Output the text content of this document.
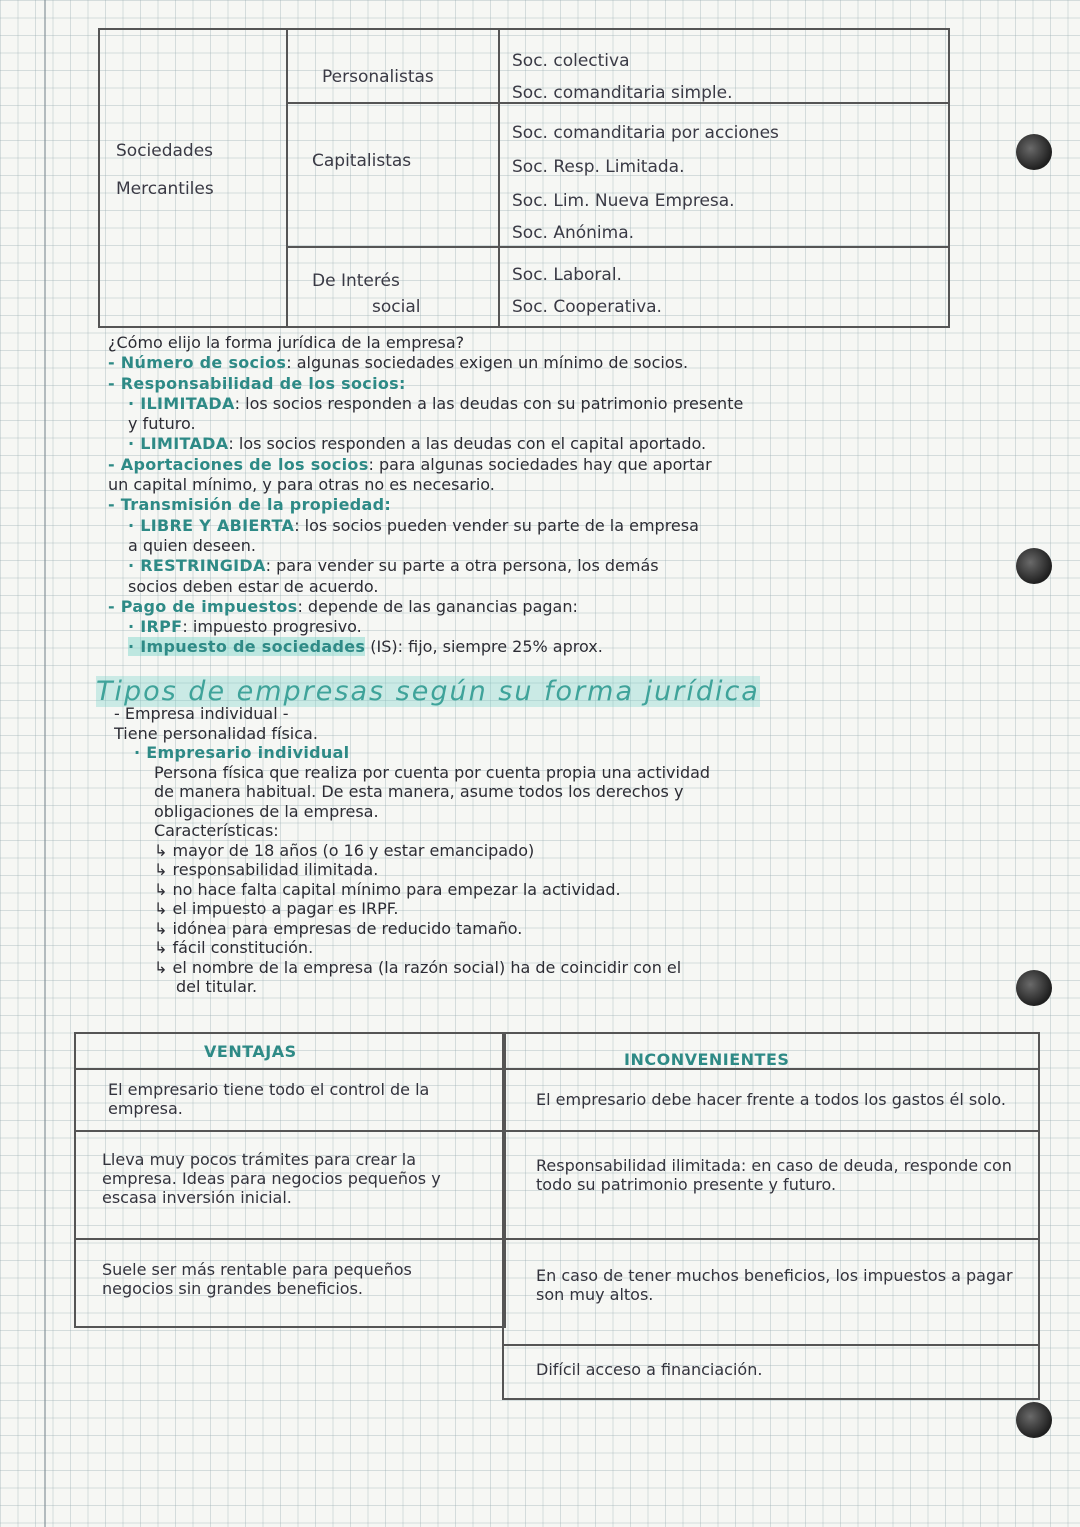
Sociedades
Mercantiles
Personalistas
Soc. colectiva
Soc. comanditaria simple.
Capitalistas
Soc. comanditaria por acciones
Soc. Resp. Limitada.
Soc. Lim. Nueva Empresa.
Soc. Anónima.
De Interés
social
Soc. Laboral.
Soc. Cooperativa.
¿Cómo elijo la forma jurídica de la empresa?
- Número de socios: algunas sociedades exigen un mínimo de socios.
- Responsabilidad de los socios:
· ILIMITADA: los socios responden a las deudas con su patrimonio presente
y futuro.
· LIMITADA: los socios responden a las deudas con el capital aportado.
- Aportaciones de los socios: para algunas sociedades hay que aportar
un capital mínimo, y para otras no es necesario.
- Transmisión de la propiedad:
· LIBRE Y ABIERTA: los socios pueden vender su parte de la empresa
a quien deseen.
· RESTRINGIDA: para vender su parte a otra persona, los demás
socios deben estar de acuerdo.
- Pago de impuestos: depende de las ganancias pagan:
· IRPF: impuesto progresivo.
· Impuesto de sociedades (IS): fijo, siempre 25% aprox.
Tipos de empresas según su forma jurídica
- Empresa individual -
Tiene personalidad física.
· Empresario individual
Persona física que realiza por cuenta por cuenta propia una actividad
de manera habitual. De esta manera, asume todos los derechos y
obligaciones de la empresa.
Características:
↳ mayor de 18 años (o 16 y estar emancipado)
↳ responsabilidad ilimitada.
↳ no hace falta capital mínimo para empezar la actividad.
↳ el impuesto a pagar es IRPF.
↳ idónea para empresas de reducido tamaño.
↳ fácil constitución.
↳ el nombre de la empresa (la razón social) ha de coincidir con el
del titular.
VENTAJAS	INCONVENIENTES
El empresario tiene todo el control de la empresa.
Lleva muy pocos trámites para crear la empresa. Ideas para negocios pequeños y escasa inversión inicial.
Suele ser más rentable para pequeños negocios sin grandes beneficios.
El empresario debe hacer frente a todos los gastos él solo.
Responsabilidad ilimitada: en caso de deuda, responde con todo su patrimonio presente y futuro.
En caso de tener muchos beneficios, los impuestos a pagar son muy altos.
Difícil acceso a financiación.
